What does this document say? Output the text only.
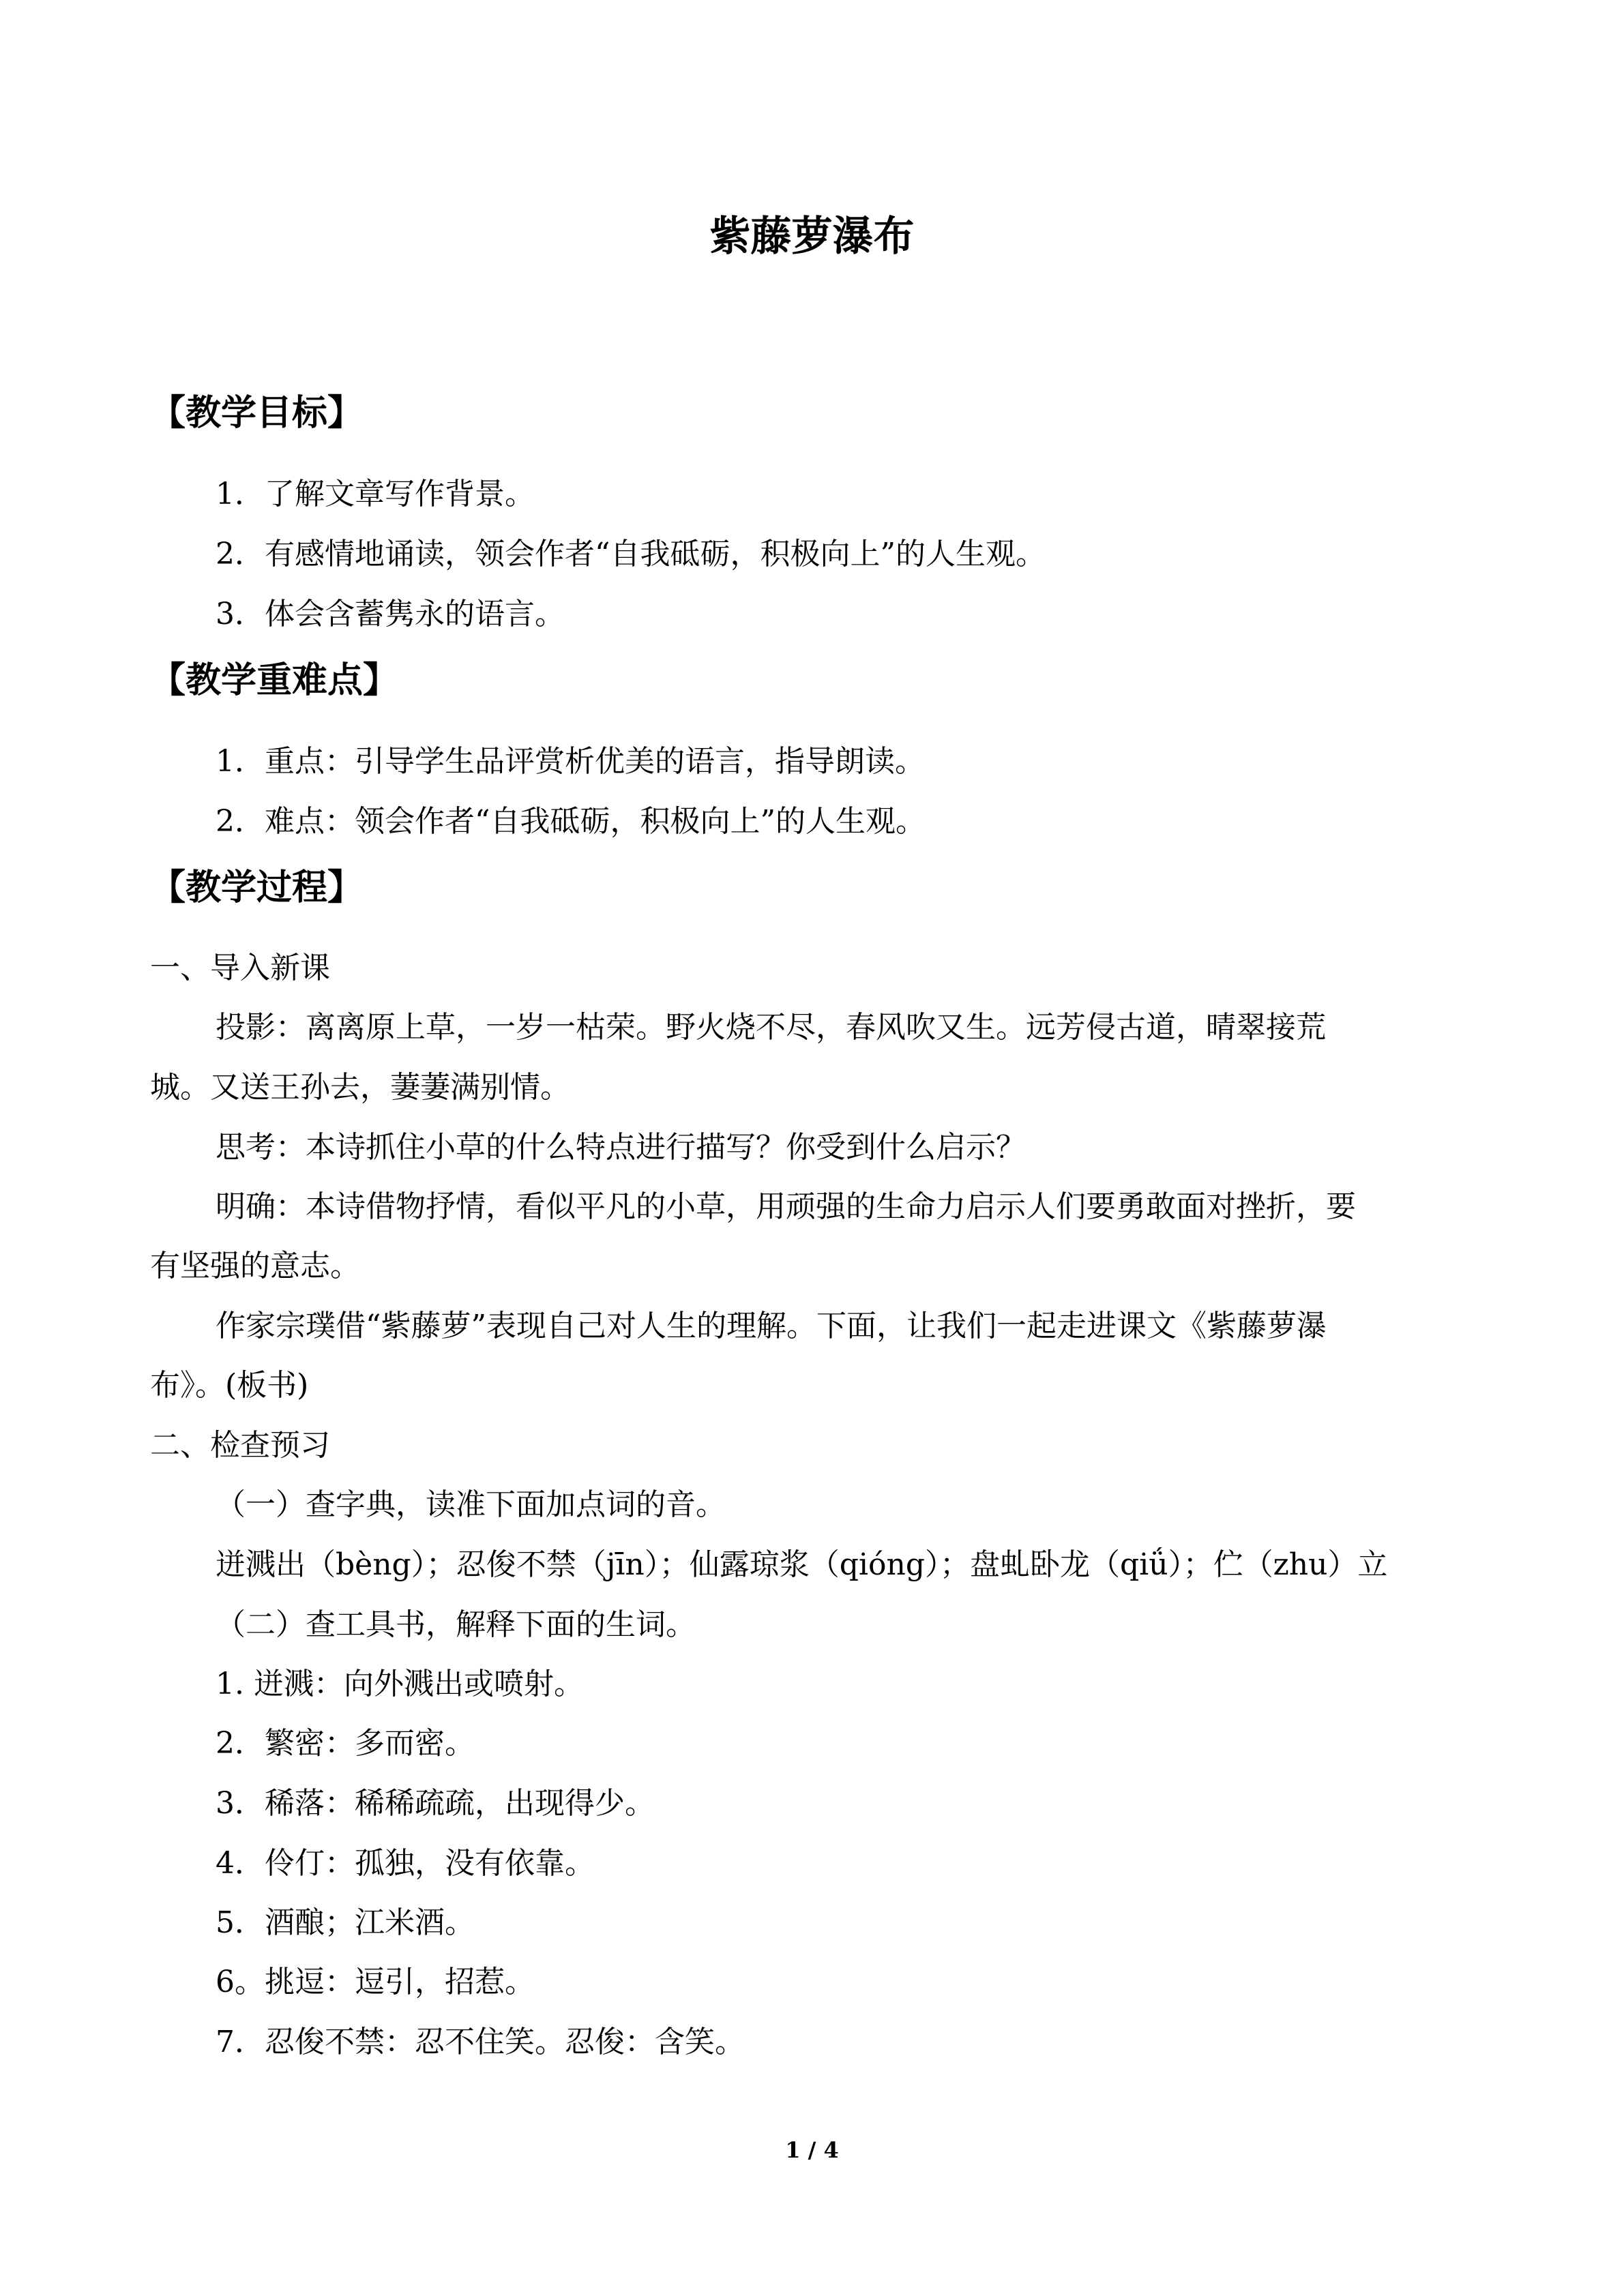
紫藤萝瀑布
【教学目标】

1．了解文章写作背景。

2．有感情地诵读，领会作者“自我砥砺，积极向上”的人生观。

3．体会含蓄隽永的语言。

【教学重难点】

1．重点：引导学生品评赏析优美的语言，指导朗读。

2．难点：领会作者“自我砥砺，积极向上”的人生观。

【教学过程】

一、导入新课

投影：离离原上草，一岁一枯荣。野火烧不尽，春风吹又生。远芳侵古道，晴翠接荒

城。又送王孙去，萋萋满别情。

思考：本诗抓住小草的什么特点进行描写？你受到什么启示？

明确：本诗借物抒情，看似平凡的小草，用顽强的生命力启示人们要勇敢面对挫折，要

有坚强的意志。

作家宗璞借“紫藤萝”表现自己对人生的理解。下面，让我们一起走进课文《紫藤萝瀑

布》。(板书)

二、检查预习

（一）查字典，读准下面加点词的音。

迸溅出（bèng）；忍俊不禁（jīn）；仙露琼浆（qióng）；盘虬卧龙（qiǘ）；伫（zhu）立

（二）查工具书，解释下面的生词。

1. 迸溅：向外溅出或喷射。

2．繁密：多而密。

3．稀落：稀稀疏疏，出现得少。

4．伶仃：孤独，没有依靠。

5．酒酿；江米酒。

6。挑逗：逗引，招惹。

7．忍俊不禁：忍不住笑。忍俊：含笑。

1 / 4
